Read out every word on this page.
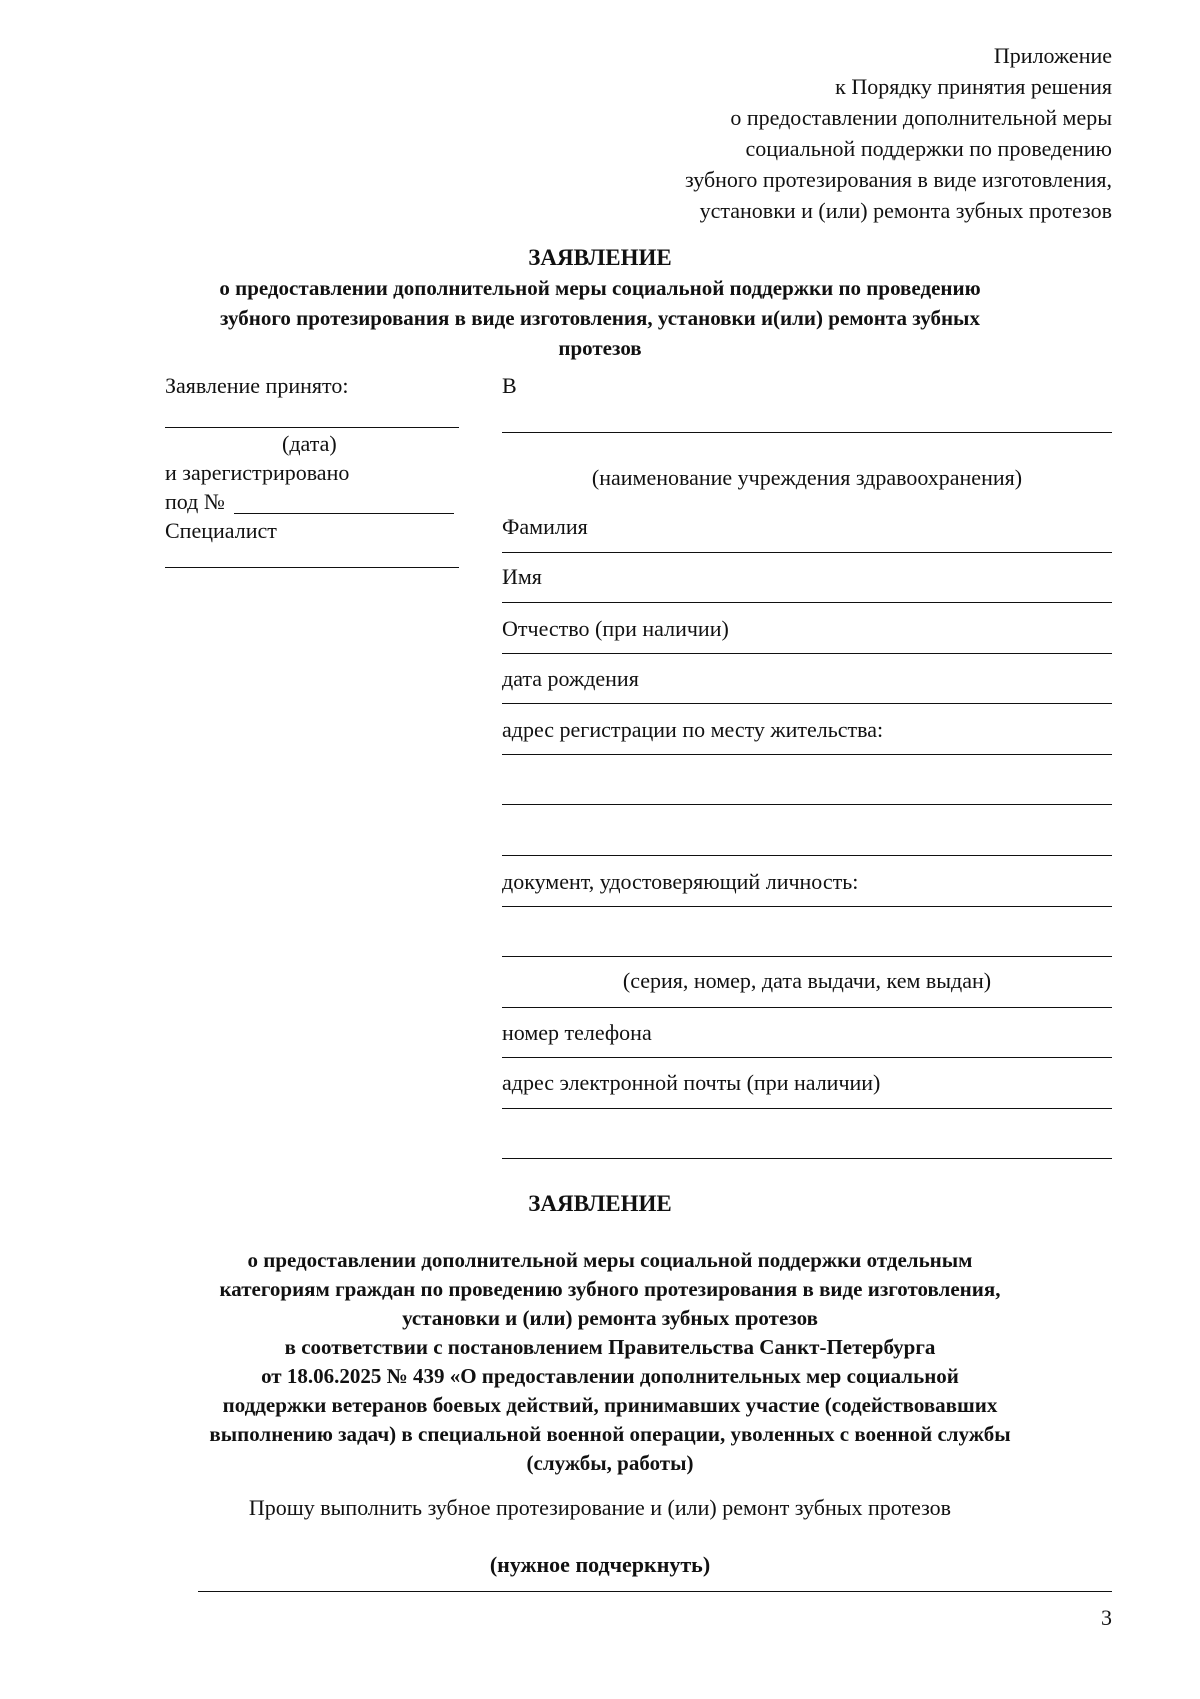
Приложение
к Порядку принятия решения
о предоставлении дополнительной меры
социальной поддержки по проведению
зубного протезирования в виде изготовления,
установки и (или) ремонта зубных протезов
ЗАЯВЛЕНИЕ
о предоставлении дополнительной меры социальной поддержки по проведению
зубного протезирования в виде изготовления, установки и(или) ремонта зубных
протезов
Заявление принято:
(дата)
и зарегистрировано
под №
Специалист
В
(наименование учреждения здравоохранения)
Фамилия
Имя
Отчество (при наличии)
дата рождения
адрес регистрации по месту жительства:
документ, удостоверяющий личность:
(серия, номер, дата выдачи, кем выдан)
номер телефона
адрес электронной почты (при наличии)
ЗАЯВЛЕНИЕ
о предоставлении дополнительной меры социальной поддержки отдельным
категориям граждан по проведению зубного протезирования в виде изготовления,
установки и (или) ремонта зубных протезов
в соответствии с постановлением Правительства Санкт-Петербурга
от 18.06.2025 № 439 «О предоставлении дополнительных мер социальной
поддержки ветеранов боевых действий, принимавших участие (содействовавших
выполнению задач) в специальной военной операции, уволенных с военной службы
(службы, работы)
Прошу выполнить зубное протезирование и (или) ремонт зубных протезов
(нужное подчеркнуть)
3
